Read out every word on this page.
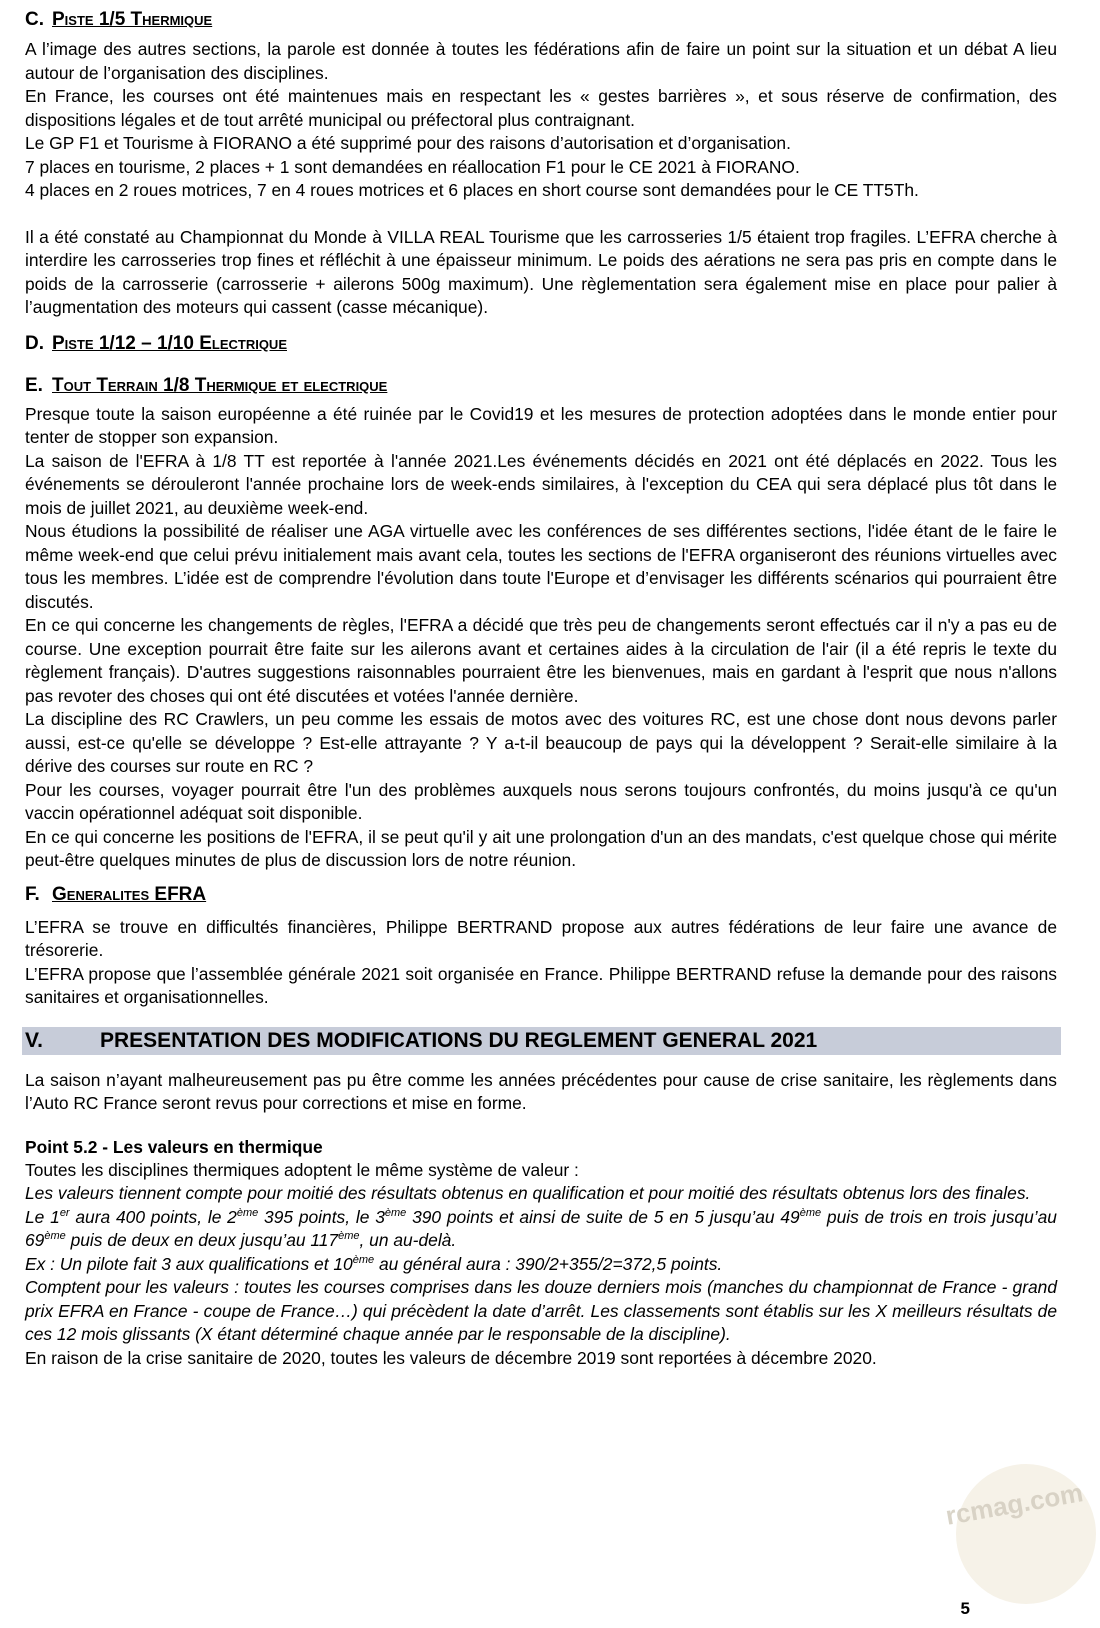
rcmag.com
C. Piste 1/5 Thermique

A l’image des autres sections, la parole est donnée à toutes les fédérations afin de faire un point sur la situation et un débat A lieu autour de l’organisation des disciplines.

En France, les courses ont été maintenues mais en respectant les « gestes barrières », et sous réserve de confirmation, des dispositions légales et de tout arrêté municipal ou préfectoral plus contraignant.

Le GP F1 et Tourisme à FIORANO a été supprimé pour des raisons d’autorisation et d’organisation.

7 places en tourisme, 2 places + 1 sont demandées en réallocation F1 pour le CE 2021 à FIORANO.

4 places en 2 roues motrices, 7 en 4 roues motrices et 6 places en short course sont demandées pour le CE TT5Th.

Il a été constaté au Championnat du Monde à VILLA REAL Tourisme que les carrosseries 1/5 étaient trop fragiles. L’EFRA cherche à interdire les carrosseries trop fines et réfléchit à une épaisseur minimum. Le poids des aérations ne sera pas pris en compte dans le poids de la carrosserie (carrosserie + ailerons 500g maximum). Une règlementation sera également mise en place pour palier à l’augmentation des moteurs qui cassent (casse mécanique).

D. Piste 1/12 – 1/10 Electrique
E. Tout Terrain 1/8 Thermique et electrique

Presque toute la saison européenne a été ruinée par le Covid19 et les mesures de protection adoptées dans le monde entier pour tenter de stopper son expansion.

La saison de l'EFRA à 1/8 TT est reportée à l'année 2021.Les événements décidés en 2021 ont été déplacés en 2022. Tous les événements se dérouleront l'année prochaine lors de week-ends similaires, à l'exception du CEA qui sera déplacé plus tôt dans le mois de juillet 2021, au deuxième week-end.

Nous étudions la possibilité de réaliser une AGA virtuelle avec les conférences de ses différentes sections, l'idée étant de le faire le même week-end que celui prévu initialement mais avant cela, toutes les sections de l'EFRA organiseront des réunions virtuelles avec tous les membres. L’idée est de comprendre l'évolution dans toute l'Europe et d’envisager les différents scénarios qui pourraient être discutés.

En ce qui concerne les changements de règles, l'EFRA a décidé que très peu de changements seront effectués car il n'y a pas eu de course. Une exception pourrait être faite sur les ailerons avant et certaines aides à la circulation de l'air (il a été repris le texte du règlement français). D'autres suggestions raisonnables pourraient être les bienvenues, mais en gardant à l'esprit que nous n'allons pas revoter des choses qui ont été discutées et votées l'année dernière.

La discipline des RC Crawlers, un peu comme les essais de motos avec des voitures RC, est une chose dont nous devons parler aussi, est-ce qu'elle se développe ? Est-elle attrayante ? Y a-t-il beaucoup de pays qui la développent ? Serait-elle similaire à la dérive des courses sur route en RC ?

Pour les courses, voyager pourrait être l'un des problèmes auxquels nous serons toujours confrontés, du moins jusqu'à ce qu'un vaccin opérationnel adéquat soit disponible.

En ce qui concerne les positions de l'EFRA, il se peut qu'il y ait une prolongation d'un an des mandats, c'est quelque chose qui mérite peut-être quelques minutes de plus de discussion lors de notre réunion.

F. Generalites EFRA

L’EFRA se trouve en difficultés financières, Philippe BERTRAND propose aux autres fédérations de leur faire une avance de trésorerie.

L’EFRA propose que l’assemblée générale 2021 soit organisée en France. Philippe BERTRAND refuse la demande pour des raisons sanitaires et organisationnelles.

V.	PRESENTATION DES MODIFICATIONS DU REGLEMENT GENERAL 2021

La saison n’ayant malheureusement pas pu être comme les années précédentes pour cause de crise sanitaire, les règlements dans l’Auto RC France seront revus pour corrections et mise en forme.

Point 5.2 - Les valeurs en thermique

Toutes les disciplines thermiques adoptent le même système de valeur :

Les valeurs tiennent compte pour moitié des résultats obtenus en qualification et pour moitié des résultats obtenus lors des finales.

Le 1er aura 400 points, le 2ème 395 points, le 3ème 390 points et ainsi de suite de 5 en 5 jusqu’au 49ème puis de trois en trois jusqu’au 69ème puis de deux en deux jusqu’au 117ème, un au-delà.

Ex : Un pilote fait 3 aux qualifications et 10ème au général aura : 390/2+355/2=372,5 points.

Comptent pour les valeurs : toutes les courses comprises dans les douze derniers mois (manches du championnat de France - grand prix EFRA en France - coupe de France…) qui précèdent la date d’arrêt. Les classements sont établis sur les X meilleurs résultats de ces 12 mois glissants (X étant déterminé chaque année par le responsable de la discipline).

En raison de la crise sanitaire de 2020, toutes les valeurs de décembre 2019 sont reportées à décembre 2020.

5
